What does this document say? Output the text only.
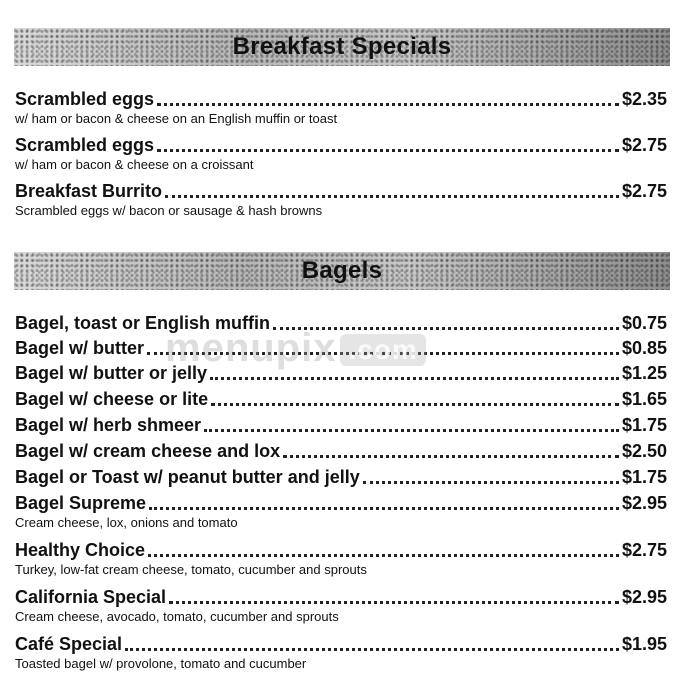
Breakfast Specials
Scrambled eggs	$2.35
w/ ham or bacon & cheese on an English muffin or toast
Scrambled eggs	$2.75
w/ ham or bacon & cheese on a croissant
Breakfast Burrito	$2.75
Scrambled eggs w/ bacon or sausage & hash browns
Bagels
Bagel, toast or English muffin	$0.75
Bagel w/ butter	$0.85
Bagel w/ butter or jelly	$1.25
Bagel w/ cheese or lite	$1.65
Bagel w/ herb shmeer	$1.75
Bagel w/ cream cheese and lox	$2.50
Bagel or Toast w/ peanut butter and jelly	$1.75
Bagel Supreme	$2.95
Cream cheese, lox, onions and tomato
Healthy Choice	$2.75
Turkey, low-fat cream cheese, tomato, cucumber and sprouts
California Special	$2.95
Cream cheese, avocado, tomato, cucumber and sprouts
Café Special	$1.95
Toasted bagel w/ provolone, tomato and cucumber
menupix .com
